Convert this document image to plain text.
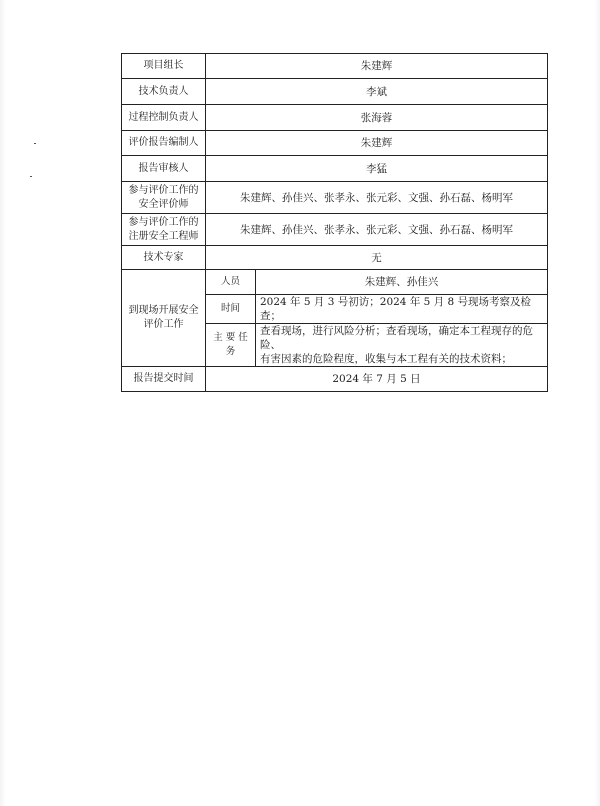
项目组长	朱建辉	
技术负责人	李斌	
过程控制负责人	张海蓉	
评价报告编制人	朱建辉	
报告审核人	李猛	

参与评价工作的
安全评价师	朱建辉、孙佳兴、张孝永、张元彩、文强、孙石磊、杨明军	

参与评价工作的
注册安全工程师	朱建辉、孙佳兴、张孝永、张元彩、文强、孙石磊、杨明军	
技术专家	无	

到现场开展安全
评价工作	人员	朱建辉、孙佳兴
	时间	2024 年 5 月 3 号初访；2024 年 5 月 8 号现场考察及检查；

	主 要 任
务	查看现场，进行风险分析；查看现场，确定本工程现存的危险、
有害因素的危险程度，收集与本工程有关的技术资料；

报告提交时间	2024 年 7 月 5 日	
